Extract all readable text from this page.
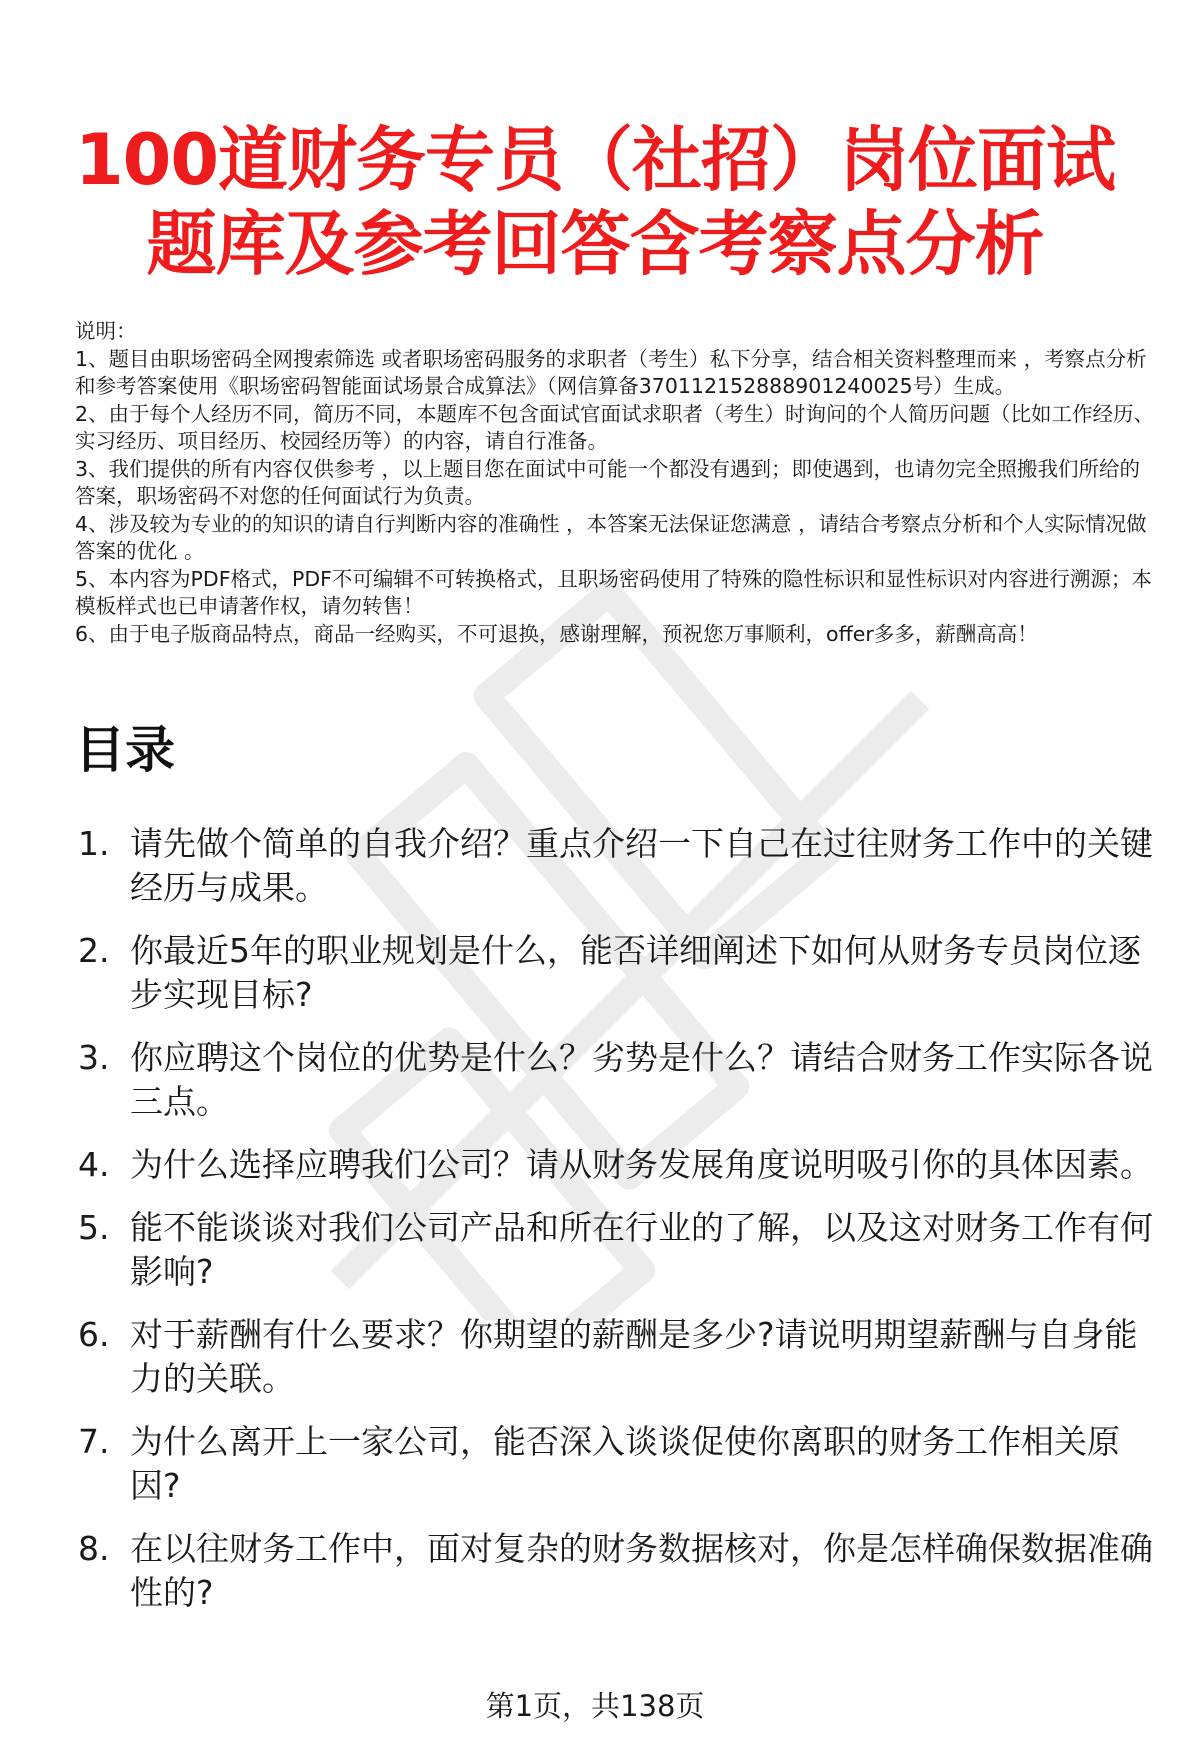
100道财务专员（社招）岗位面试题库及参考回答含考察点分析
说明：
1、题目由职场密码全网搜索筛选 或者职场密码服务的求职者（考生）私下分享，结合相关资料整理而来 ，考察点分析和参考答案使用《职场密码智能面试场景合成算法》（网信算备370112152888901240025号）生成。
2、由于每个人经历不同，简历不同，本题库不包含面试官面试求职者（考生）时询问的个人简历问题（比如工作经历、实习经历、项目经历、校园经历等）的内容，请自行准备。
3、我们提供的所有内容仅供参考 ，以上题目您在面试中可能一个都没有遇到；即使遇到，也请勿完全照搬我们所给的答案，职场密码不对您的任何面试行为负责。
4、涉及较为专业的的知识的请自行判断内容的准确性 ，本答案无法保证您满意 ，请结合考察点分析和个人实际情况做答案的优化 。
5、本内容为PDF格式，PDF不可编辑不可转换格式，且职场密码使用了特殊的隐性标识和显性标识对内容进行溯源；本模板样式也已申请著作权，请勿转售！
6、由于电子版商品特点，商品一经购买，不可退换，感谢理解，预祝您万事顺利，offer多多，薪酬高高！
目录
1. 请先做个简单的自我介绍？重点介绍一下自己在过往财务工作中的关键经历与成果。
2. 你最近5年的职业规划是什么，能否详细阐述下如何从财务专员岗位逐步实现目标?
3. 你应聘这个岗位的优势是什么？劣势是什么？请结合财务工作实际各说三点。
4. 为什么选择应聘我们公司？请从财务发展角度说明吸引你的具体因素。
5. 能不能谈谈对我们公司产品和所在行业的了解，以及这对财务工作有何影响?
6. 对于薪酬有什么要求？你期望的薪酬是多少?请说明期望薪酬与自身能力的关联。
7. 为什么离开上一家公司，能否深入谈谈促使你离职的财务工作相关原因?
8. 在以往财务工作中，面对复杂的财务数据核对，你是怎样确保数据准确性的?
第1页，共138页
